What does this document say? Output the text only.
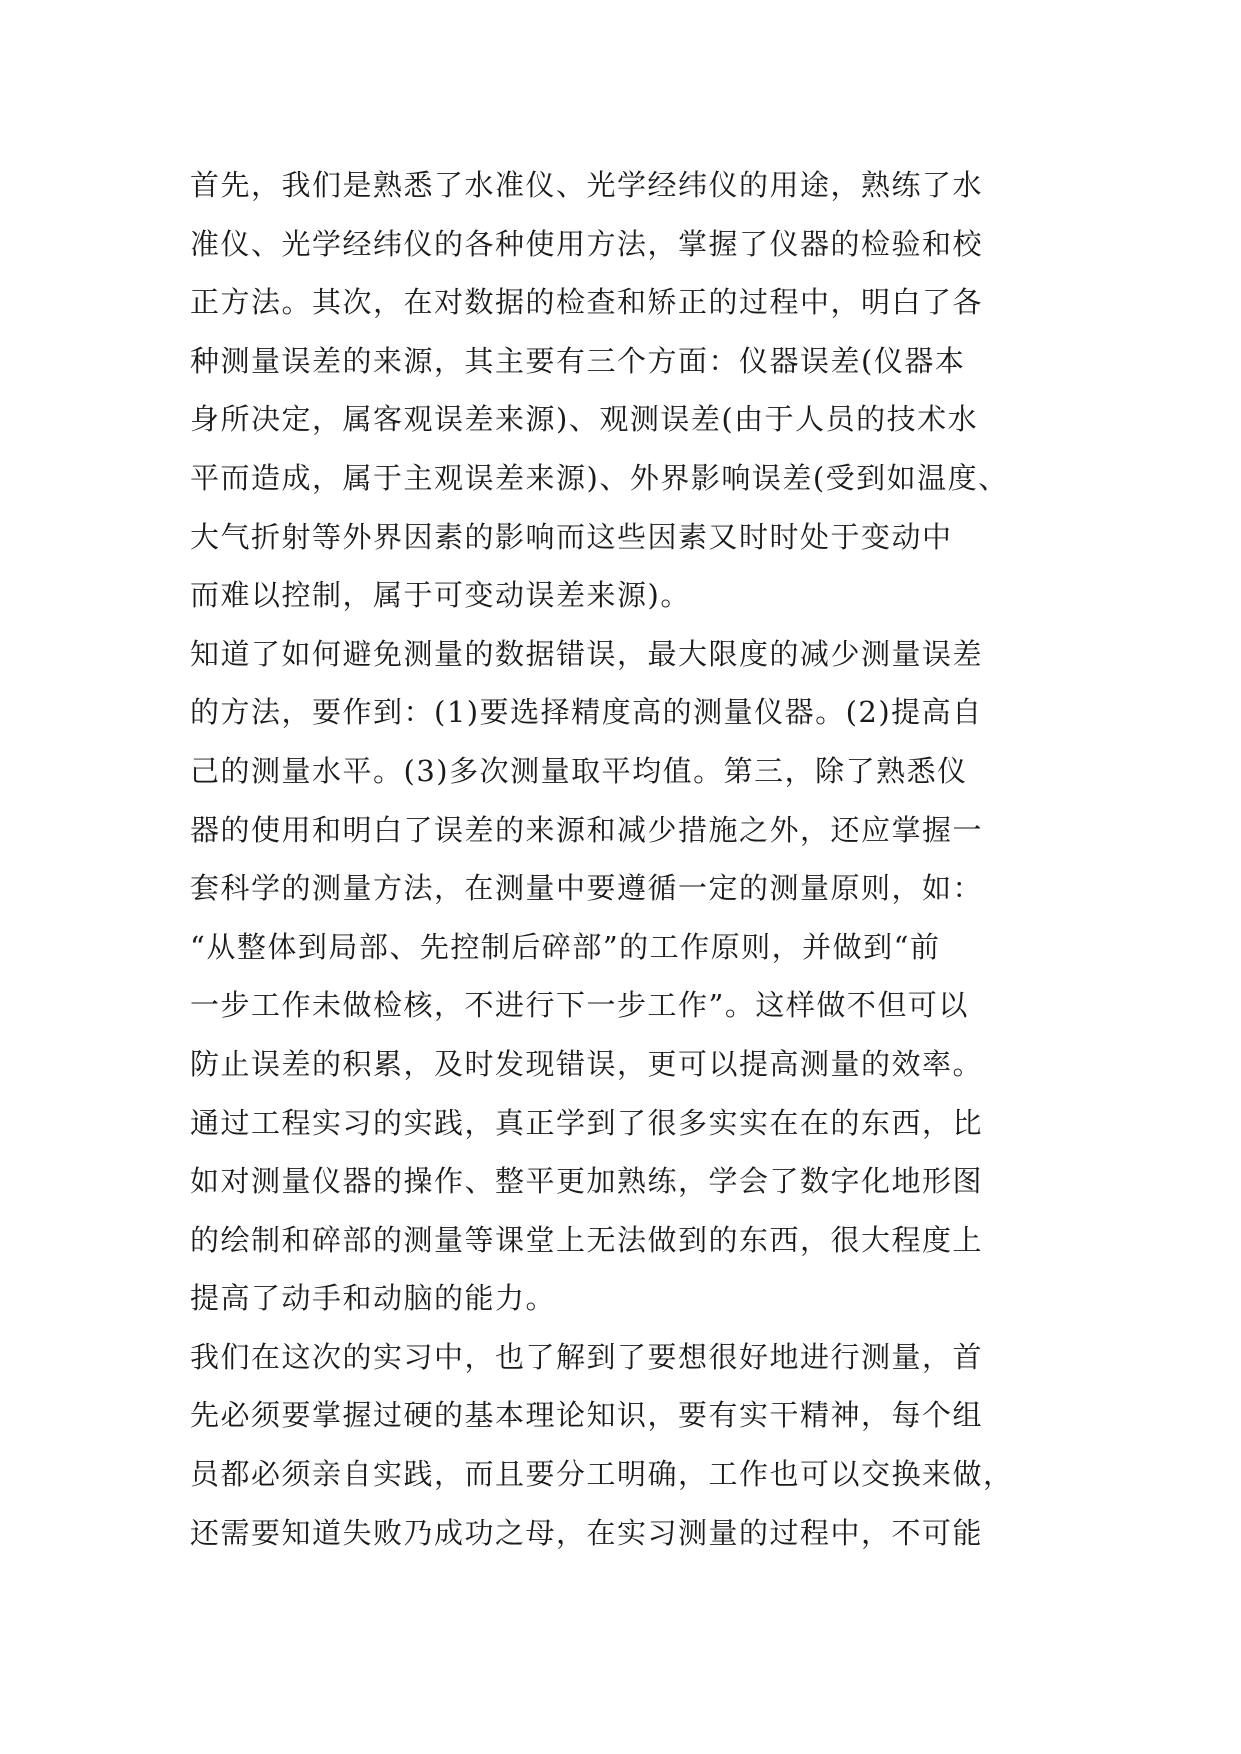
首先，我们是熟悉了水准仪、光学经纬仪的用途，熟练了水
准仪、光学经纬仪的各种使用方法，掌握了仪器的检验和校
正方法。其次，在对数据的检查和矫正的过程中，明白了各
种测量误差的来源，其主要有三个方面：仪器误差(仪器本
身所决定，属客观误差来源)、观测误差(由于人员的技术水
平而造成，属于主观误差来源)、外界影响误差(受到如温度、
大气折射等外界因素的影响而这些因素又时时处于变动中
而难以控制，属于可变动误差来源)。
知道了如何避免测量的数据错误，最大限度的减少测量误差
的方法，要作到：(1)要选择精度高的测量仪器。(2)提高自
己的测量水平。(3)多次测量取平均值。第三，除了熟悉仪
器的使用和明白了误差的来源和减少措施之外，还应掌握一
套科学的测量方法，在测量中要遵循一定的测量原则，如：
“从整体到局部、先控制后碎部”的工作原则，并做到“前
一步工作未做检核，不进行下一步工作”。这样做不但可以
防止误差的积累，及时发现错误，更可以提高测量的效率。
通过工程实习的实践，真正学到了很多实实在在的东西，比
如对测量仪器的操作、整平更加熟练，学会了数字化地形图
的绘制和碎部的测量等课堂上无法做到的东西，很大程度上
提高了动手和动脑的能力。
我们在这次的实习中，也了解到了要想很好地进行测量，首
先必须要掌握过硬的基本理论知识，要有实干精神，每个组
员都必须亲自实践，而且要分工明确，工作也可以交换来做，
还需要知道失败乃成功之母，在实习测量的过程中，不可能
